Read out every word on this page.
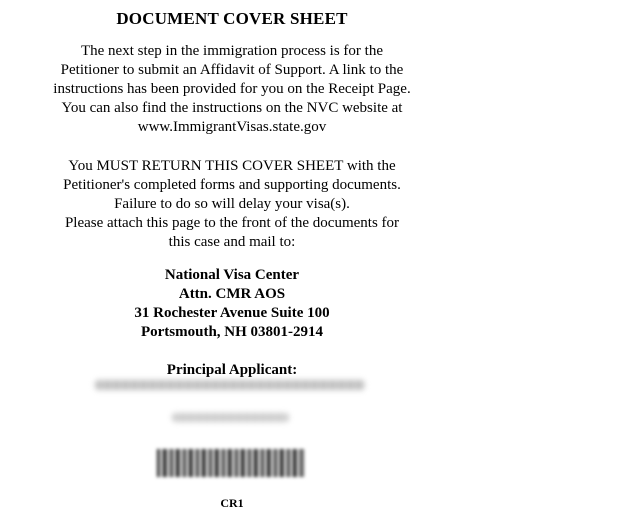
DOCUMENT COVER SHEET
The next step in the immigration process is for the
Petitioner to submit an Affidavit of Support. A link to the
instructions has been provided for you on the Receipt Page.
You can also find the instructions on the NVC website at
www.ImmigrantVisas.state.gov
You MUST RETURN THIS COVER SHEET with the
Petitioner's completed forms and supporting documents.
Failure to do so will delay your visa(s).
Please attach this page to the front of the documents for
this case and mail to:
National Visa Center
Attn. CMR AOS
31 Rochester Avenue Suite 100
Portsmouth, NH 03801-2914
Principal Applicant:
CR1
